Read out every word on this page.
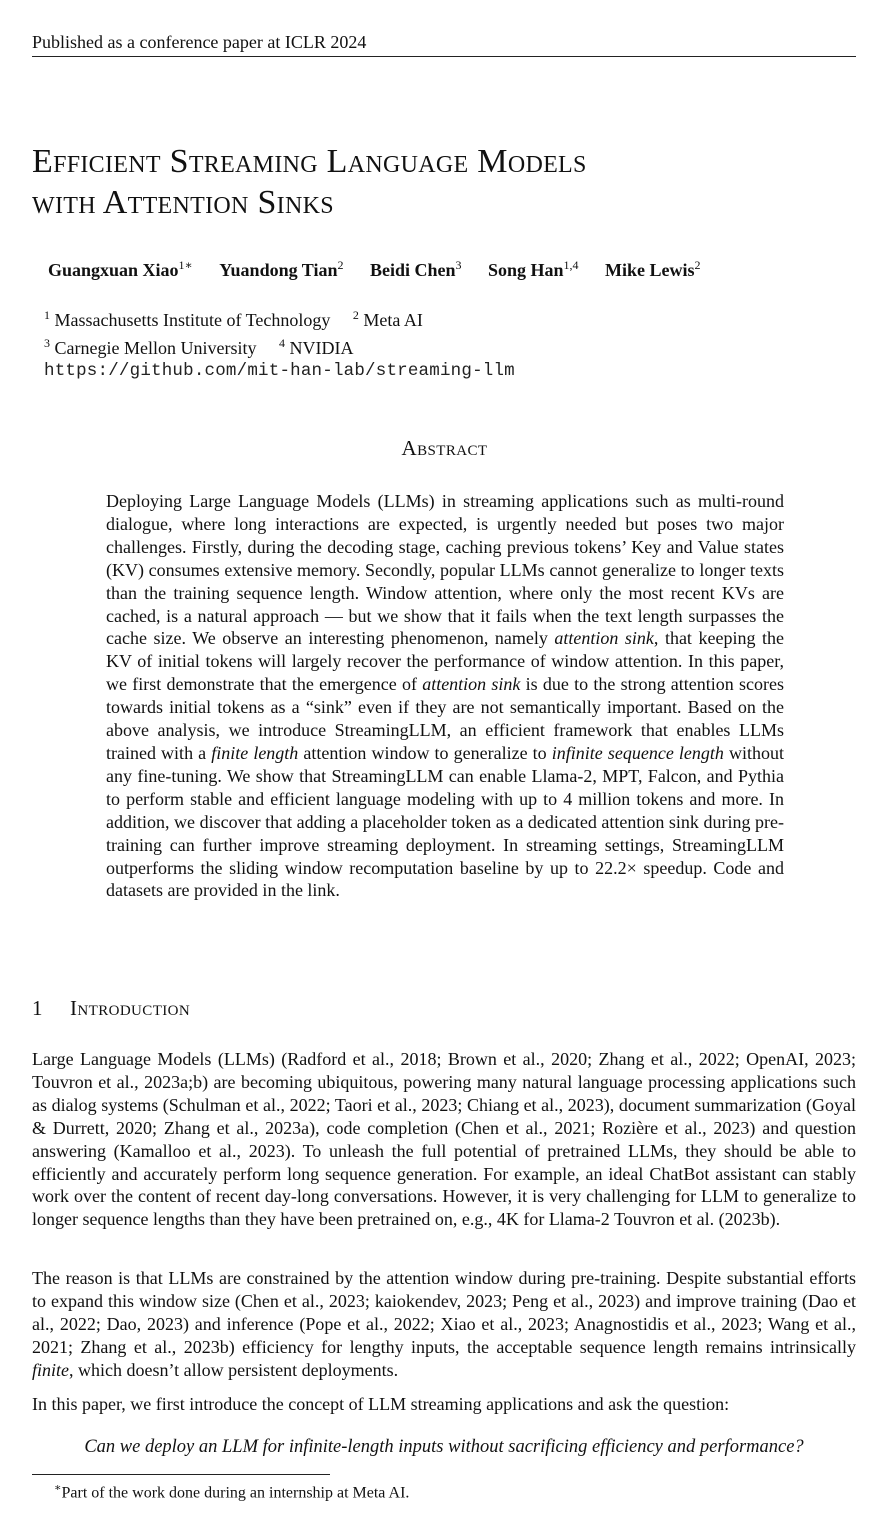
Published as a conference paper at ICLR 2024
Efficient Streaming Language Models
with Attention Sinks
Guangxuan Xiao$^{1∗}$ Yuandong Tian$^2$ Beidi Chen$^3$ Song Han$^{1,4}$ Mike Lewis$^2$
$^1$ Massachusetts Institute of Technology $^2$ Meta AI
$^3$ Carnegie Mellon University $^4$ NVIDIA
https://github.com/mit-han-lab/streaming-llm
Abstract
Deploying Large Language Models (LLMs) in streaming applications such as multi-round dialogue, where long interactions are expected, is urgently needed but poses two major challenges. Firstly, during the decoding stage, caching previous tokens’ Key and Value states (KV) consumes extensive memory. Secondly, popular LLMs cannot generalize to longer texts than the training sequence length. Window attention, where only the most recent KVs are cached, is a natural approach — but we show that it fails when the text length surpasses the cache size. We observe an interesting phenomenon, namely attention sink, that keeping the KV of initial tokens will largely recover the performance of window attention. In this paper, we first demonstrate that the emergence of attention sink is due to the strong attention scores towards initial tokens as a “sink” even if they are not semantically important. Based on the above analysis, we introduce StreamingLLM, an efficient framework that enables LLMs trained with a finite length attention window to generalize to infinite sequence length without any fine-tuning. We show that StreamingLLM can enable Llama-2, MPT, Falcon, and Pythia to perform stable and efficient language modeling with up to 4 million tokens and more. In addition, we discover that adding a placeholder token as a dedicated attention sink during pre-training can further improve streaming deployment. In streaming settings, StreamingLLM outperforms the sliding window recomputation baseline by up to 22.2× speedup. Code and datasets are provided in the link.
1 Introduction
Large Language Models (LLMs) (Radford et al., 2018; Brown et al., 2020; Zhang et al., 2022; OpenAI, 2023; Touvron et al., 2023a;b) are becoming ubiquitous, powering many natural language processing applications such as dialog systems (Schulman et al., 2022; Taori et al., 2023; Chiang et al., 2023), document summarization (Goyal & Durrett, 2020; Zhang et al., 2023a), code completion (Chen et al., 2021; Rozière et al., 2023) and question answering (Kamalloo et al., 2023). To unleash the full potential of pretrained LLMs, they should be able to efficiently and accurately perform long sequence generation. For example, an ideal ChatBot assistant can stably work over the content of recent day-long conversations. However, it is very challenging for LLM to generalize to longer sequence lengths than they have been pretrained on, e.g., 4K for Llama-2 Touvron et al. (2023b).
The reason is that LLMs are constrained by the attention window during pre-training. Despite substantial efforts to expand this window size (Chen et al., 2023; kaiokendev, 2023; Peng et al., 2023) and improve training (Dao et al., 2022; Dao, 2023) and inference (Pope et al., 2022; Xiao et al., 2023; Anagnostidis et al., 2023; Wang et al., 2021; Zhang et al., 2023b) efficiency for lengthy inputs, the acceptable sequence length remains intrinsically finite, which doesn’t allow persistent deployments.
In this paper, we first introduce the concept of LLM streaming applications and ask the question:
Can we deploy an LLM for infinite-length inputs without sacrificing efficiency and performance?
∗Part of the work done during an internship at Meta AI.
